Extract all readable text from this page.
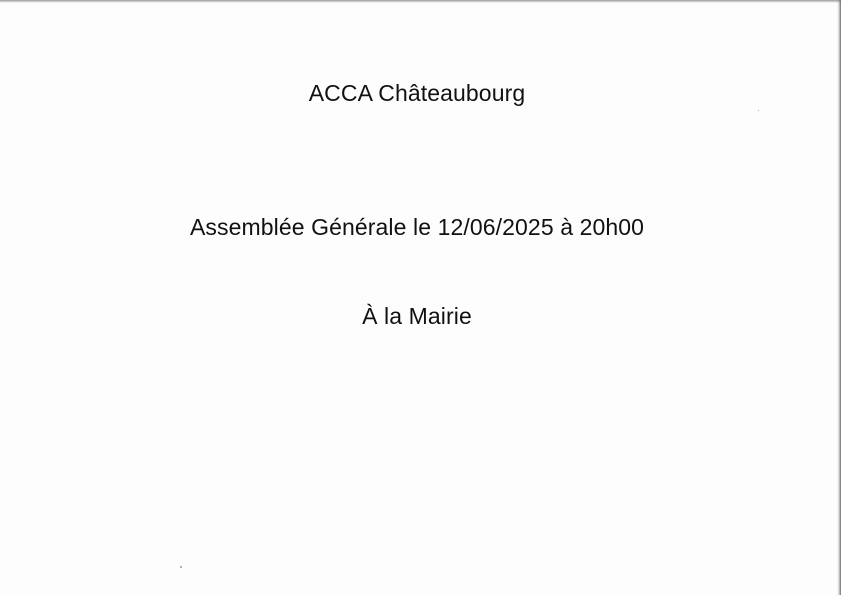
ACCA Châteaubourg
Assemblée Générale le 12/06/2025 à 20h00
À la Mairie
